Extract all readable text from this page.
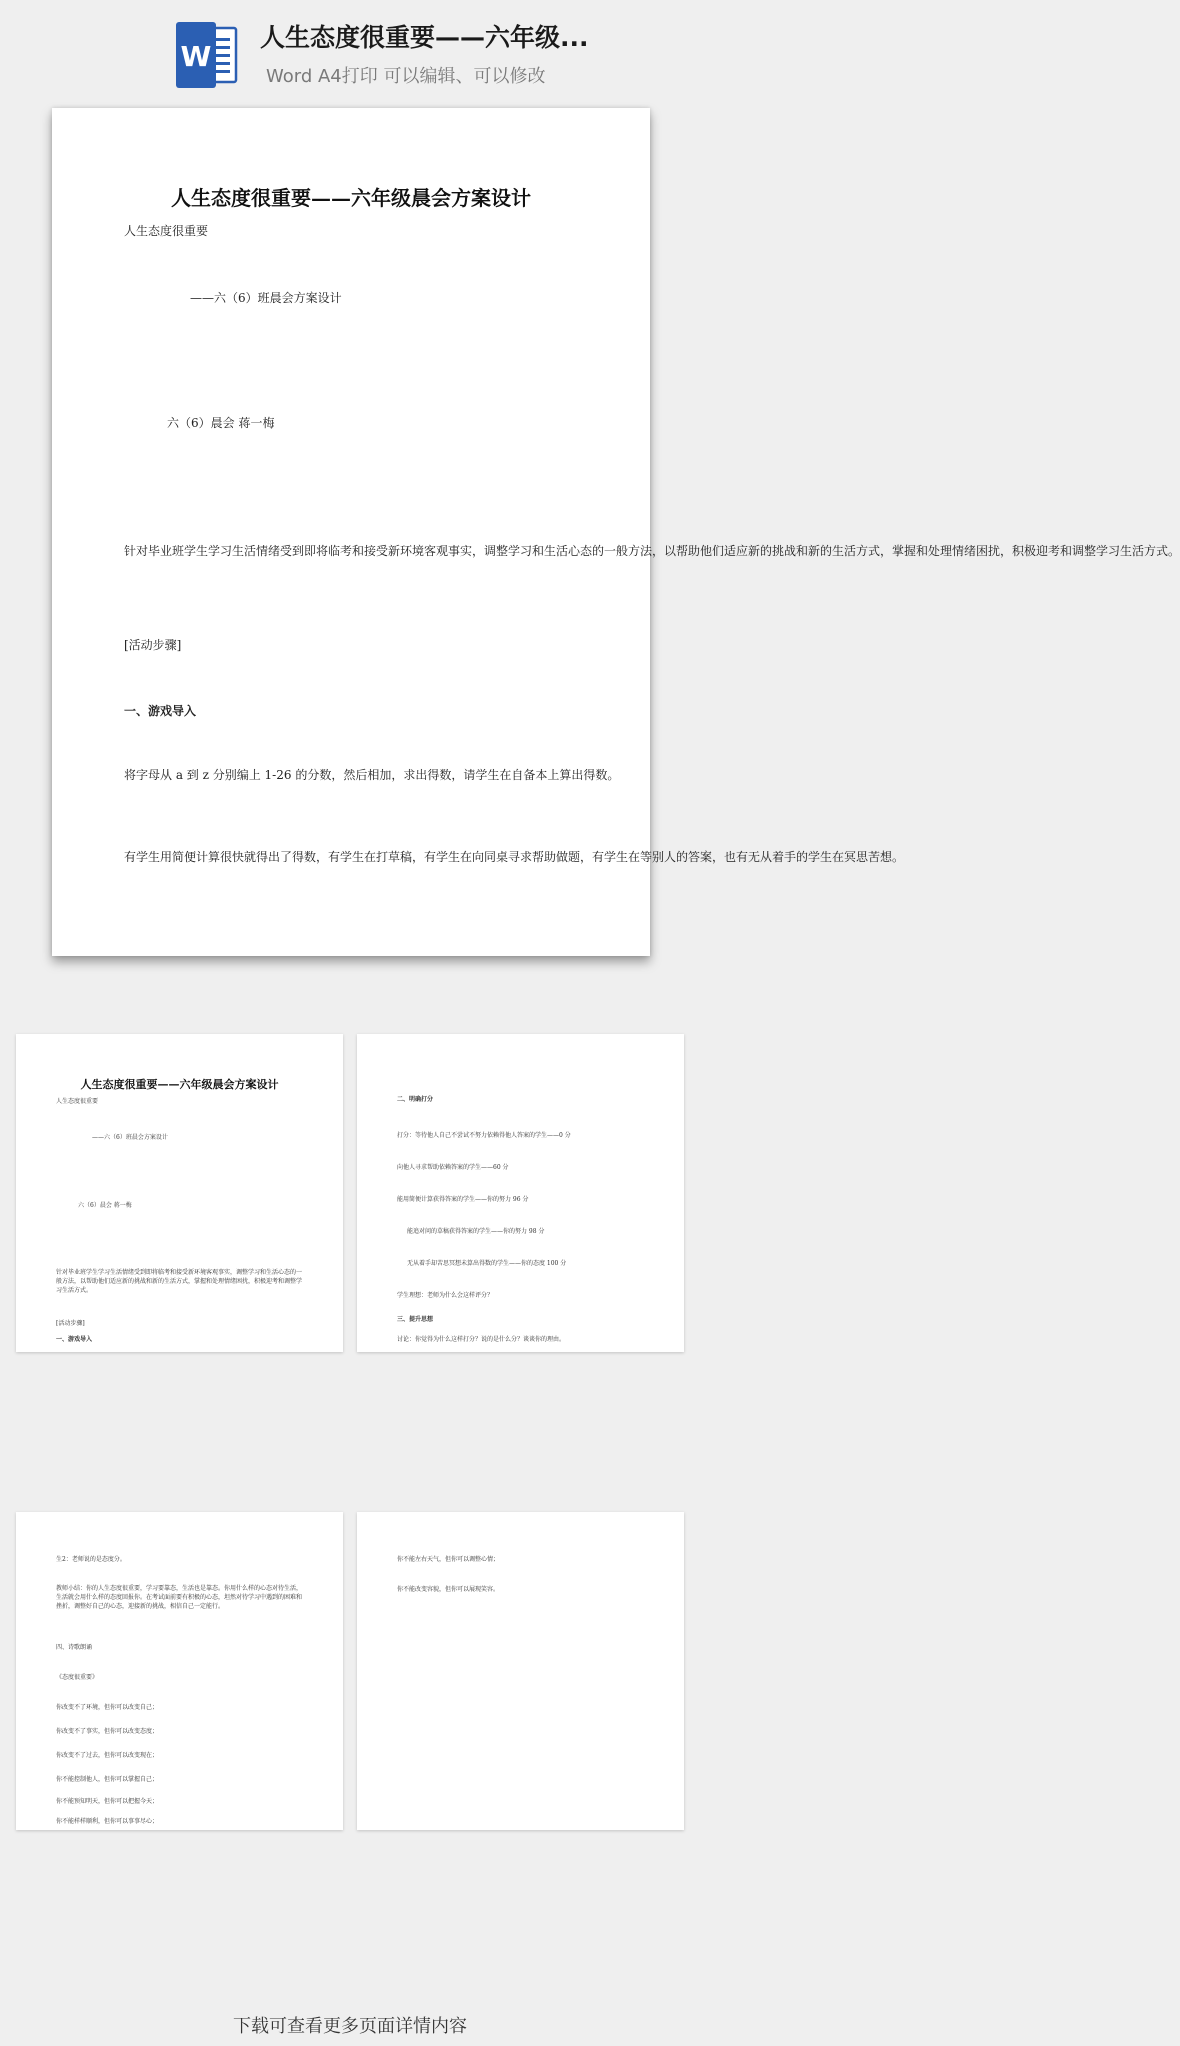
W
人生态度很重要——六年级...
Word A4打印 可以编辑、可以修改
人生态度很重要——六年级晨会方案设计
人生态度很重要
——六（6）班晨会方案设计
六（6）晨会 蒋一梅
针对毕业班学生学习生活情绪受到即将临考和接受新环境客观事实，调整学习和生活心态的一般方法，以帮助他们适应新的挑战和新的生活方式，掌握和处理情绪困扰，积极迎考和调整学习生活方式。
[活动步骤]
一、游戏导入
将字母从 a 到 z 分别编上 1-26 的分数，然后相加，求出得数，请学生在自备本上算出得数。
有学生用简便计算很快就得出了得数，有学生在打草稿，有学生在向同桌寻求帮助做题，有学生在等别人的答案，也有无从着手的学生在冥思苦想。
人生态度很重要——六年级晨会方案设计
人生态度很重要
——六（6）班晨会方案设计
六（6）晨会 蒋一梅
针对毕业班学生学习生活情绪受到即将临考和接受新环境客观事实，调整学习和生活心态的一般方法，以帮助他们适应新的挑战和新的生活方式，掌握和处理情绪困扰，积极迎考和调整学习生活方式。
[活动步骤]
一、游戏导入
二、明确打分
打分：等待他人自己不尝试不努力依赖得他人答案的学生——0 分
向他人寻求帮助依赖答案的学生——60 分
能用简便计算获得答案的学生——你的努力 96 分
能追对问的草稿获得答案的学生——你的努力 98 分
无从着手却苦思冥想未算出得数的学生——你的态度 100 分
学生理想：老师为什么会这样评分？
三、提升思想
讨论：你觉得为什么这样打分？说的是什么分？谈谈你的理由。
生2：老师说的是态度分。
教师小结：你的人生态度很重要，学习要靠态，生活也是靠态。你用什么样的心态对待生活，生活就会用什么样的态度回报你。在考试面前要有积极的心态，坦然对待学习中遇到的困难和挫折，调整好自己的心态，迎接新的挑战，相信自己一定能行。
四、诗歌朗诵
《态度很重要》
你改变不了环境，但你可以改变自己；
你改变不了事实，但你可以改变态度；
你改变不了过去，但你可以改变现在；
你不能控制他人，但你可以掌握自己；
你不能预知明天，但你可以把握今天；
你不能样样顺利，但你可以事事尽心；
你不能左右天气，但你可以调整心情；
你不能改变容貌，但你可以展现笑容。
下载可查看更多页面详情内容
